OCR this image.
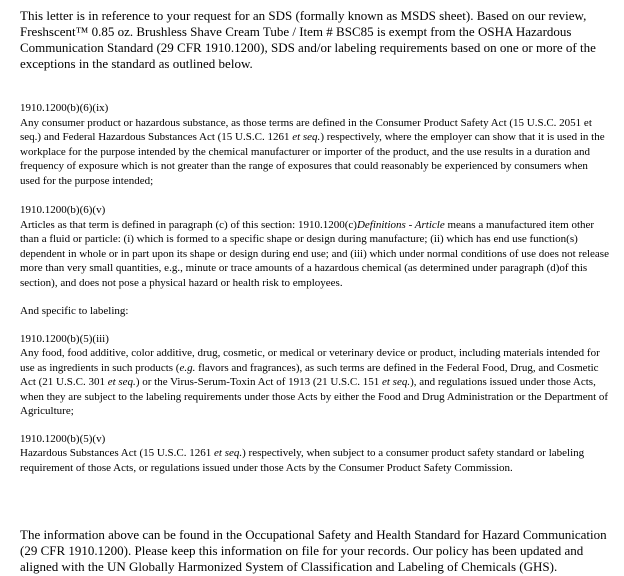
This letter is in reference to your request for an SDS (formally known as MSDS sheet). Based on our review, Freshscent™ 0.85 oz. Brushless Shave Cream Tube / Item # BSC85 is exempt from the OSHA Hazardous Communication Standard (29 CFR 1910.1200), SDS and/or labeling requirements based on one or more of the exceptions in the standard as outlined below.

1910.1200(b)(6)(ix)
Any consumer product or hazardous substance, as those terms are defined in the Consumer Product Safety Act (15 U.S.C. 2051 et seq.) and Federal Hazardous Substances Act (15 U.S.C. 1261 et seq.) respectively, where the employer can show that it is used in the workplace for the purpose intended by the chemical manufacturer or importer of the product, and the use results in a duration and frequency of exposure which is not greater than the range of exposures that could reasonably be experienced by consumers when used for the purpose intended;
1910.1200(b)(6)(v)
Articles as that term is defined in paragraph (c) of this section: 1910.1200(c)Definitions - Article means a manufactured item other than a fluid or particle: (i) which is formed to a specific shape or design during manufacture; (ii) which has end use function(s) dependent in whole or in part upon its shape or design during end use; and (iii) which under normal conditions of use does not release more than very small quantities, e.g., minute or trace amounts of a hazardous chemical (as determined under paragraph (d)of this section), and does not pose a physical hazard or health risk to employees.
And specific to labeling:
1910.1200(b)(5)(iii)
Any food, food additive, color additive, drug, cosmetic, or medical or veterinary device or product, including materials intended for use as ingredients in such products (e.g. flavors and fragrances), as such terms are defined in the Federal Food, Drug, and Cosmetic Act (21 U.S.C. 301 et seq.) or the Virus-Serum-Toxin Act of 1913 (21 U.S.C. 151 et seq.), and regulations issued under those Acts, when they are subject to the labeling requirements under those Acts by either the Food and Drug Administration or the Department of Agriculture;
1910.1200(b)(5)(v)
Hazardous Substances Act (15 U.S.C. 1261 et seq.) respectively, when subject to a consumer product safety standard or labeling requirement of those Acts, or regulations issued under those Acts by the Consumer Product Safety Commission.

The information above can be found in the Occupational Safety and Health Standard for Hazard Communication (29 CFR 1910.1200). Please keep this information on file for your records. Our policy has been updated and aligned with the UN Globally Harmonized System of Classification and Labeling of Chemicals (GHS).
